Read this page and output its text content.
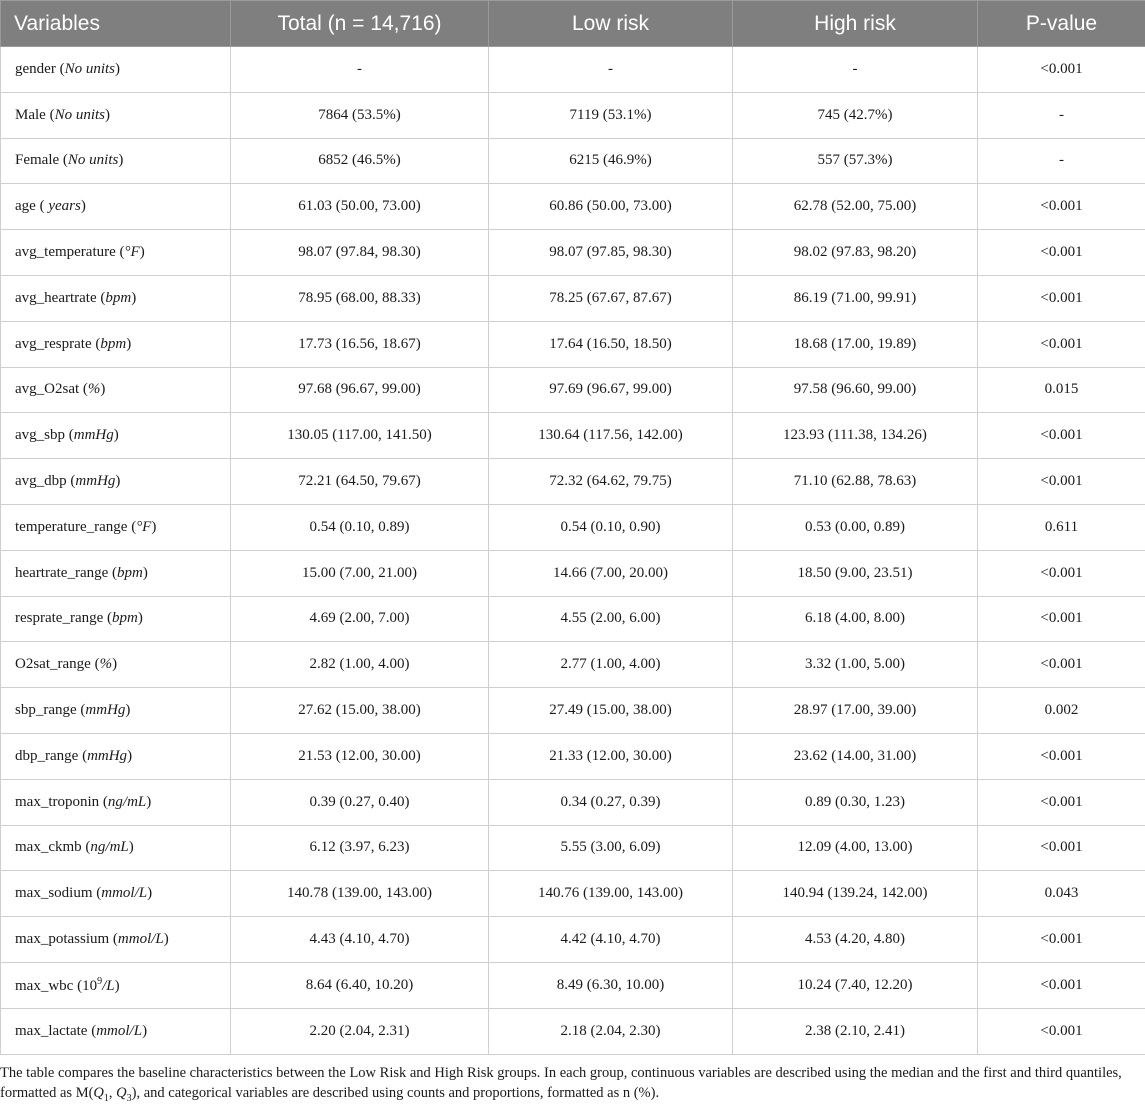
Variables	Total (n = 14,716)	Low risk	High risk	P-value
gender (No units)	-	-	-	<0.001
Male (No units)	7864 (53.5%)	7119 (53.1%)	745 (42.7%)	-
Female (No units)	6852 (46.5%)	6215 (46.9%)	557 (57.3%)	-
age ( years)	61.03 (50.00, 73.00)	60.86 (50.00, 73.00)	62.78 (52.00, 75.00)	<0.001
avg_temperature (°F)	98.07 (97.84, 98.30)	98.07 (97.85, 98.30)	98.02 (97.83, 98.20)	<0.001
avg_heartrate (bpm)	78.95 (68.00, 88.33)	78.25 (67.67, 87.67)	86.19 (71.00, 99.91)	<0.001
avg_resprate (bpm)	17.73 (16.56, 18.67)	17.64 (16.50, 18.50)	18.68 (17.00, 19.89)	<0.001
avg_O2sat (%)	97.68 (96.67, 99.00)	97.69 (96.67, 99.00)	97.58 (96.60, 99.00)	0.015
avg_sbp (mmHg)	130.05 (117.00, 141.50)	130.64 (117.56, 142.00)	123.93 (111.38, 134.26)	<0.001
avg_dbp (mmHg)	72.21 (64.50, 79.67)	72.32 (64.62, 79.75)	71.10 (62.88, 78.63)	<0.001
temperature_range (°F)	0.54 (0.10, 0.89)	0.54 (0.10, 0.90)	0.53 (0.00, 0.89)	0.611
heartrate_range (bpm)	15.00 (7.00, 21.00)	14.66 (7.00, 20.00)	18.50 (9.00, 23.51)	<0.001
resprate_range (bpm)	4.69 (2.00, 7.00)	4.55 (2.00, 6.00)	6.18 (4.00, 8.00)	<0.001
O2sat_range (%)	2.82 (1.00, 4.00)	2.77 (1.00, 4.00)	3.32 (1.00, 5.00)	<0.001
sbp_range (mmHg)	27.62 (15.00, 38.00)	27.49 (15.00, 38.00)	28.97 (17.00, 39.00)	0.002
dbp_range (mmHg)	21.53 (12.00, 30.00)	21.33 (12.00, 30.00)	23.62 (14.00, 31.00)	<0.001
max_troponin (ng/mL)	0.39 (0.27, 0.40)	0.34 (0.27, 0.39)	0.89 (0.30, 1.23)	<0.001
max_ckmb (ng/mL)	6.12 (3.97, 6.23)	5.55 (3.00, 6.09)	12.09 (4.00, 13.00)	<0.001
max_sodium (mmol/L)	140.78 (139.00, 143.00)	140.76 (139.00, 143.00)	140.94 (139.24, 142.00)	0.043
max_potassium (mmol/L)	4.43 (4.10, 4.70)	4.42 (4.10, 4.70)	4.53 (4.20, 4.80)	<0.001
max_wbc $(10^9/L)$	8.64 (6.40, 10.20)	8.49 (6.30, 10.00)	10.24 (7.40, 12.20)	<0.001
max_lactate (mmol/L)	2.20 (2.04, 2.31)	2.18 (2.04, 2.30)	2.38 (2.10, 2.41)	<0.001
The table compares the baseline characteristics between the Low Risk and High Risk groups. In each group, continuous variables are described using the median and the first and third quantiles, formatted as $M(Q_1$, $Q_3$), and categorical variables are described using counts and proportions, formatted as n (%).
